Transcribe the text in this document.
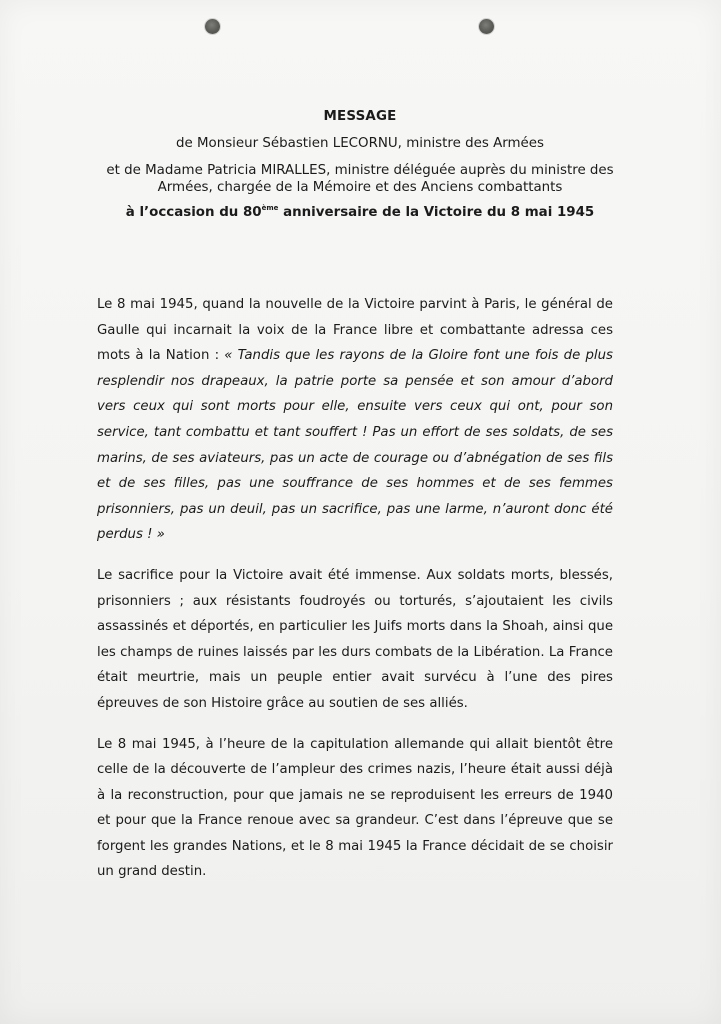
MESSAGE
de Monsieur Sébastien LECORNU, ministre des Armées
et de Madame Patricia MIRALLES, ministre déléguée auprès du ministre des
Armées, chargée de la Mémoire et des Anciens combattants
à l’occasion du 80ème anniversaire de la Victoire du 8 mai 1945

Le 8 mai 1945, quand la nouvelle de la Victoire parvint à Paris, le général de Gaulle qui incarnait la voix de la France libre et combattante adressa ces mots à la Nation : « Tandis que les rayons de la Gloire font une fois de plus resplendir nos drapeaux, la patrie porte sa pensée et son amour d’abord vers ceux qui sont morts pour elle, ensuite vers ceux qui ont, pour son service, tant combattu et tant souffert ! Pas un effort de ses soldats, de ses marins, de ses aviateurs, pas un acte de courage ou d’abnégation de ses fils et de ses filles, pas une souffrance de ses hommes et de ses femmes prisonniers, pas un deuil, pas un sacrifice, pas une larme, n’auront donc été perdus ! »

Le sacrifice pour la Victoire avait été immense. Aux soldats morts, blessés, prisonniers ; aux résistants foudroyés ou torturés, s’ajoutaient les civils assassinés et déportés, en particulier les Juifs morts dans la Shoah, ainsi que les champs de ruines laissés par les durs combats de la Libération. La France était meurtrie, mais un peuple entier avait survécu à l’une des pires épreuves de son Histoire grâce au soutien de ses alliés.

Le 8 mai 1945, à l’heure de la capitulation allemande qui allait bientôt être celle de la découverte de l’ampleur des crimes nazis, l’heure était aussi déjà à la reconstruction, pour que jamais ne se reproduisent les erreurs de 1940 et pour que la France renoue avec sa grandeur. C’est dans l’épreuve que se forgent les grandes Nations, et le 8 mai 1945 la France décidait de se choisir un grand destin.
